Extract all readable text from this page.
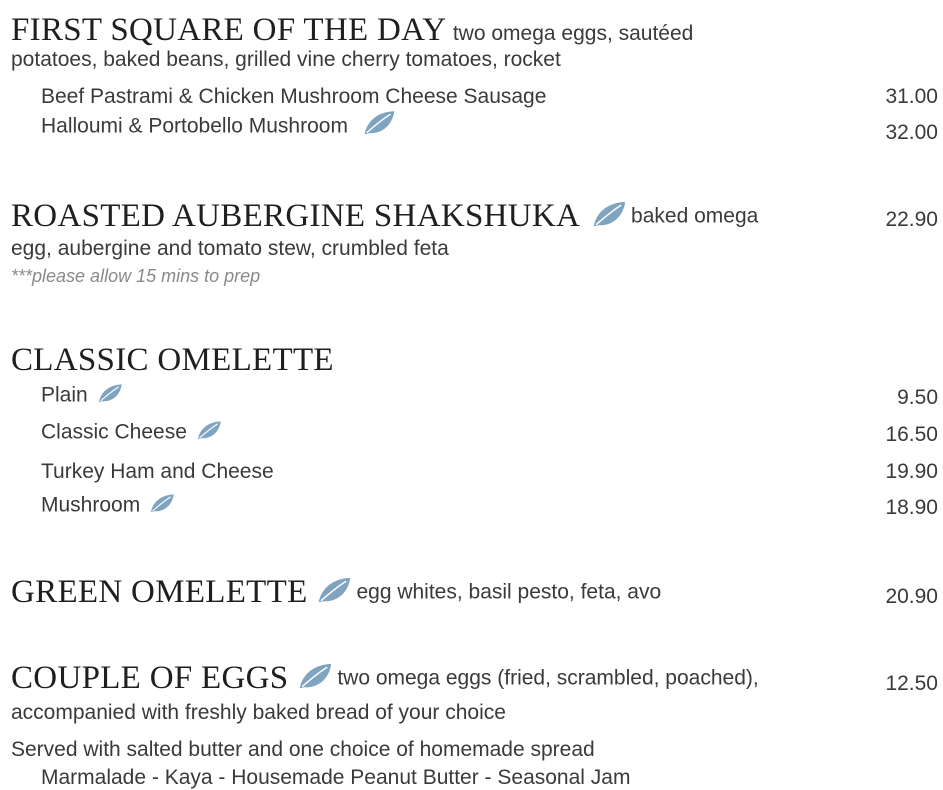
FIRST SQUARE OF THE DAY two omega eggs, sautéed
potatoes, baked beans, grilled vine cherry tomatoes, rocket
Beef Pastrami & Chicken Mushroom Cheese Sausage	31.00
Halloumi & Portobello Mushroom	32.00
ROASTED AUBERGINE SHAKSHUKA baked omega	22.90
egg, aubergine and tomato stew, crumbled feta
***please allow 15 mins to prep
CLASSIC OMELETTE
Plain	9.50
Classic Cheese	16.50
Turkey Ham and Cheese	19.90
Mushroom	18.90
GREEN OMELETTE egg whites, basil pesto, feta, avo	20.90
COUPLE OF EGGS two omega eggs (fried, scrambled, poached),	12.50
accompanied with freshly baked bread of your choice
Served with salted butter and one choice of homemade spread
Marmalade - Kaya - Housemade Peanut Butter - Seasonal Jam
